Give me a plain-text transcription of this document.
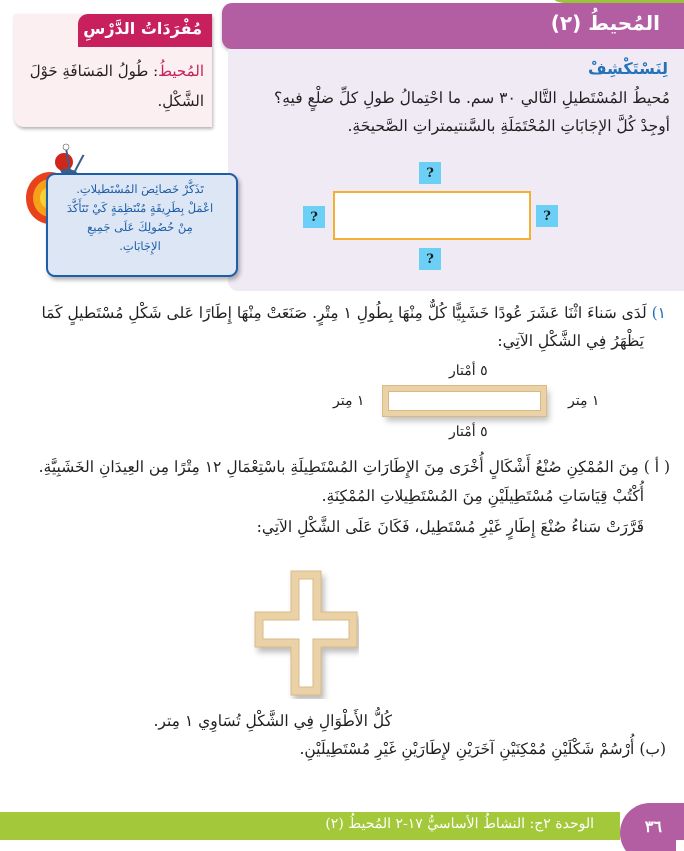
المُحيطُ (٢)
لِنَسْتَكْشِفْ
مُحيطُ المُسْتَطيلِ التَّالي ٣٠ سم. ما احْتِمالُ طولِ كلِّ ضلْعٍ فيهِ؟
أوجِدْ كُلَّ الإجَابَاتِ المُحْتَمَلَةِ بالسَّنتيمتراتِ الصَّحيحَةِ.
?
?	?
?
مُفْرَدَاتُ الدَّرْسِ
المُحيطُ: طُولُ المَسَافَةِ حَوْلَ الشَّكْلِ.
تَذَكَّرْ خَصائِصَ المُسْتَطيلاتِ.
اعْمَلْ بِطَرِيقَةٍ مُنْتَظِمَةٍ كَيْ تَتَأَكَّدَ
مِنْ حُصُولِكَ عَلَى جَمِيعِ
الإِجَابَاتِ.
١) لَدَى سَناءَ اثْنَا عَشَرَ عُودًا خَشَبِيًّا كُلٌّ مِنْهَا بِطُولِ ١ مِتْرٍ. صَنَعَتْ مِنْهَا إِطَارًا عَلى شَكْلِ مُسْتَطيلٍ كَمَا
يَظْهَرُ فِي الشَّكْلِ الآتِي:
٥ أمْتار
١ مِتر	١ مِتر
٥ أمْتار
( أ ) مِنَ المُمْكِنِ صُنْعُ أَشْكَالٍ أُخْرَى مِنَ الإِطَارَاتِ المُسْتَطِيلَةِ باسْتِعْمَالِ ١٢ مِتْرًا مِن العِيدَانِ الخَشَبِيَّةِ.
أُكْتُبْ قِيَاسَاتِ مُسْتَطِيلَيْنِ مِنَ المُسْتَطِيلاتِ المُمْكِنَةِ.
قَرَّرَتْ سَناءُ صُنْعَ إِطَارٍ غَيْرِ مُسْتَطِيل، فَكَانَ عَلَى الشَّكْلِ الآتِي:
كُلُّ الأَطْوَالِ فِي الشَّكْلِ تُسَاوِي ١ مِتر.
(ب) أُرْسُمْ شَكْلَيْنِ مُمْكِنَيْنِ آخَرَيْنِ لإِطَارَيْنِ غَيْرِ مُسْتَطِيلَيْنِ.
الوحدة ٢ج: النشاطُ الأساسيُّ ١٧-٢ المُحيطُ (٢)	٣٦
